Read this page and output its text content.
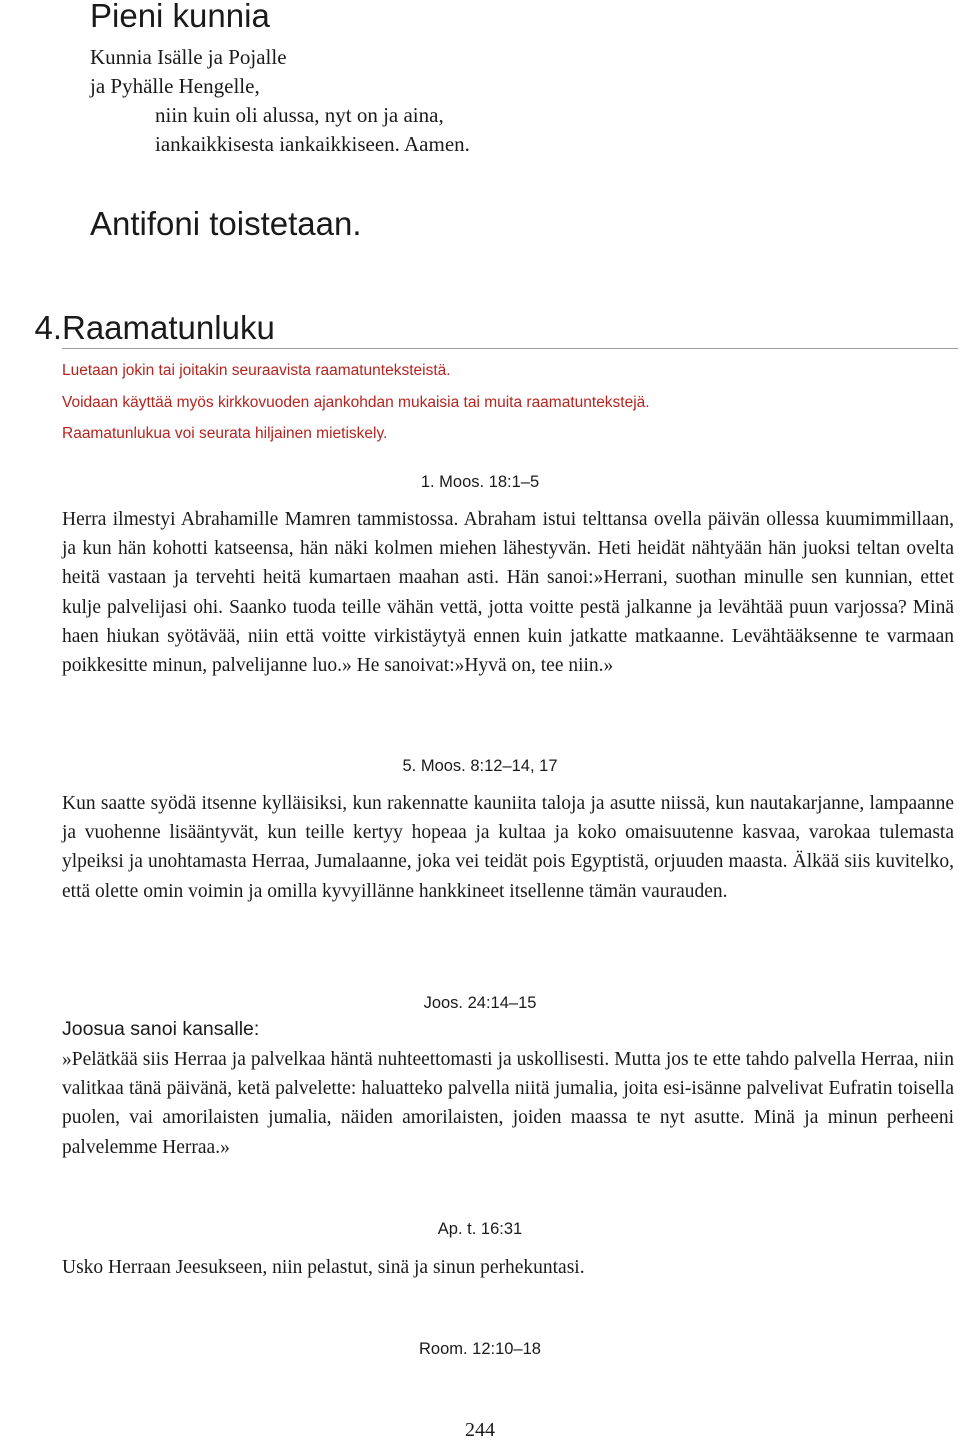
Pieni kunnia
Kunnia Isälle ja Pojalle
ja Pyhälle Hengelle,
niin kuin oli alussa, nyt on ja aina,
iankaikkisesta iankaikkiseen. Aamen.
Antifoni toistetaan.
4. Raamatunluku
Luetaan jokin tai joitakin seuraavista raamatunteksteistä.
Voidaan käyttää myös kirkkovuoden ajankohdan mukaisia tai muita raamatuntekstejä.
Raamatunlukua voi seurata hiljainen mietiskely.
1. Moos. 18:1–5

Herra ilmestyi Abrahamille Mamren tammistossa. Abraham istui telttansa ovella päivän ollessa kuumimmillaan, ja kun hän kohotti katseensa, hän näki kolmen miehen lähestyvän. Heti heidät nähtyään hän juoksi teltan ovelta heitä vastaan ja tervehti heitä kumartaen maahan asti. Hän sanoi:»Herrani, suothan minulle sen kunnian, ettet kulje palvelijasi ohi. Saanko tuoda teille vähän vettä, jotta voitte pestä jalkanne ja levähtää puun varjossa? Minä haen hiukan syötävää, niin että voitte virkistäytyä ennen kuin jatkatte matkaanne. Levähtääksenne te varmaan poikkesitte minun, palvelijanne luo.» He sanoivat:»Hyvä on, tee niin.»

5. Moos. 8:12–14, 17

Kun saatte syödä itsenne kylläisiksi, kun rakennatte kauniita taloja ja asutte niissä, kun nautakarjanne, lampaanne ja vuohenne lisääntyvät, kun teille kertyy hopeaa ja kultaa ja koko omaisuutenne kasvaa, varokaa tulemasta ylpeiksi ja unohtamasta Herraa, Jumalaanne, joka vei teidät pois Egyptistä, orjuuden maasta. Älkää siis kuvitelko, että olette omin voimin ja omilla kyvyillänne hankkineet itsellenne tämän vaurauden.

Joos. 24:14–15
Joosua sanoi kansalle:

»Pelätkää siis Herraa ja palvelkaa häntä nuhteettomasti ja uskollisesti. Mutta jos te ette tahdo palvella Herraa, niin valitkaa tänä päivänä, ketä palvelette: haluatteko palvella niitä jumalia, joita esi-isänne palvelivat Eufratin toisella puolen, vai amorilaisten jumalia, näiden amorilaisten, joiden maassa te nyt asutte. Minä ja minun perheeni palvelemme Herraa.»

Ap. t. 16:31

Usko Herraan Jeesukseen, niin pelastut, sinä ja sinun perhekuntasi.

Room. 12:10–18
244
